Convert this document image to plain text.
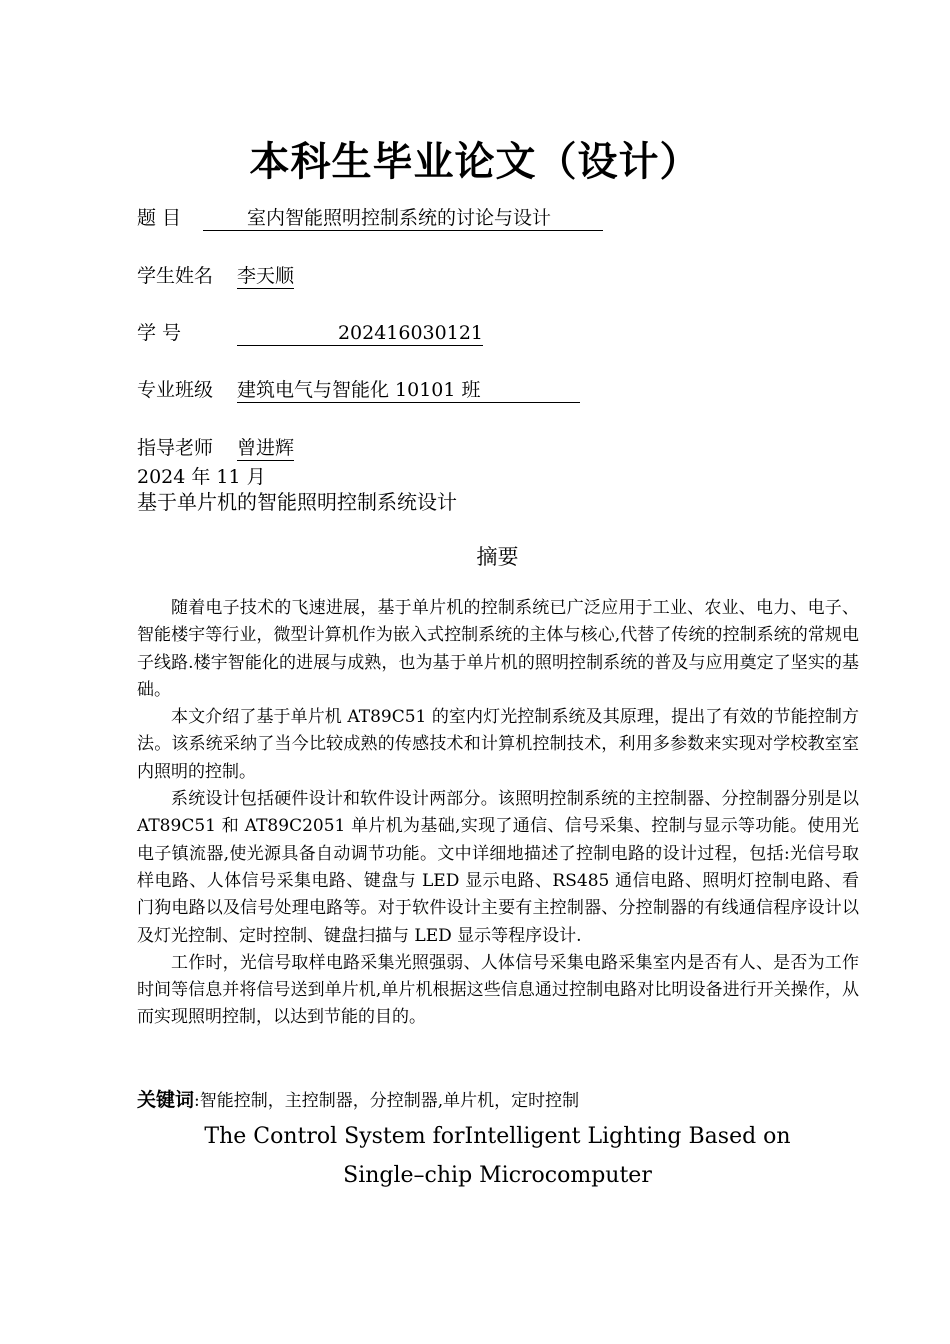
本科生毕业论文（设计）
题 目	室内智能照明控制系统的讨论与设计
学生姓名 李天顺
学 号	202416030121
专业班级 建筑电气与智能化 10101 班
指导老师 曾进辉
2024 年 11 月
基于单片机的智能照明控制系统设计
摘要

随着电子技术的飞速进展，基于单片机的控制系统已广泛应用于工业、农业、电力、电子、智能楼宇等行业，微型计算机作为嵌入式控制系统的主体与核心,代替了传统的控制系统的常规电子线路.楼宇智能化的进展与成熟，也为基于单片机的照明控制系统的普及与应用奠定了坚实的基础。

本文介绍了基于单片机 AT89C51 的室内灯光控制系统及其原理，提出了有效的节能控制方法。该系统采纳了当今比较成熟的传感技术和计算机控制技术，利用多参数来实现对学校教室室内照明的控制。

系统设计包括硬件设计和软件设计两部分。该照明控制系统的主控制器、分控制器分别是以 AT89C51 和 AT89C2051 单片机为基础,实现了通信、信号采集、控制与显示等功能。使用光电子镇流器,使光源具备自动调节功能。文中详细地描述了控制电路的设计过程，包括:光信号取样电路、人体信号采集电路、键盘与 LED 显示电路、RS485 通信电路、照明灯控制电路、看门狗电路以及信号处理电路等。对于软件设计主要有主控制器、分控制器的有线通信程序设计以及灯光控制、定时控制、键盘扫描与 LED 显示等程序设计.

工作时，光信号取样电路采集光照强弱、人体信号采集电路采集室内是否有人、是否为工作时间等信息并将信号送到单片机,单片机根据这些信息通过控制电路对比明设备进行开关操作，从而实现照明控制，以达到节能的目的。

关键词:智能控制，主控制器，分控制器,单片机，定时控制
The Control System forIntelligent Lighting Based on
Single–chip Microcomputer
